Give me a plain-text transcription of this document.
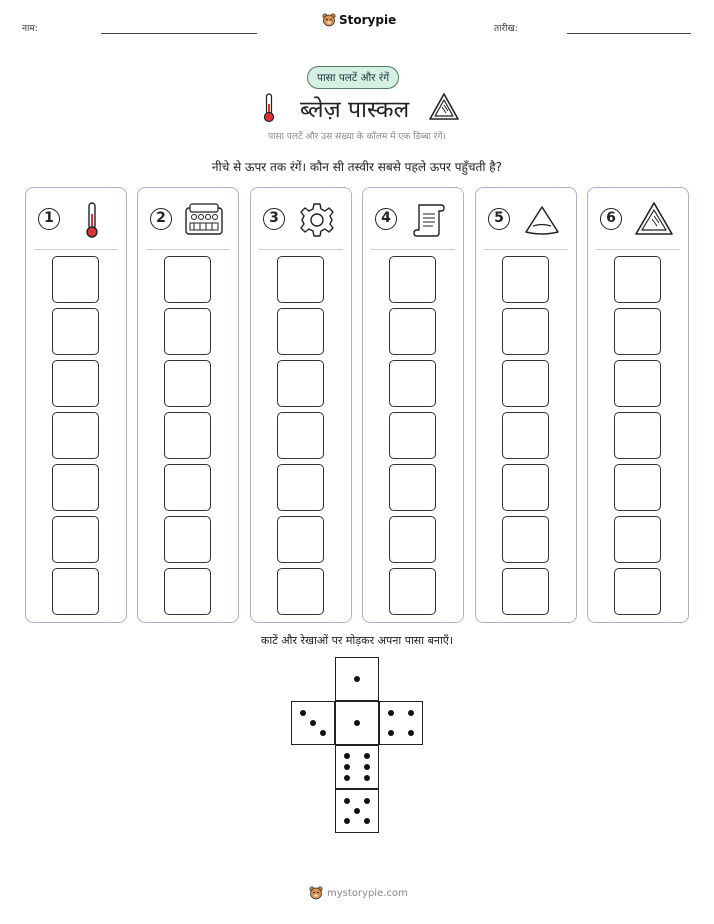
नाम:
Storypie
तारीख:
पासा पलटें और रंगें
ब्लेज़ पास्कल
पासा पलटें और उस संख्या के कॉलम में एक डिब्बा रंगें।
नीचे से ऊपर तक रंगें। कौन सी तस्वीर सबसे पहले ऊपर पहुँचती है?
1	2	3	4	5	6
काटें और रेखाओं पर मोड़कर अपना पासा बनाएँ।
mystorypie.com
